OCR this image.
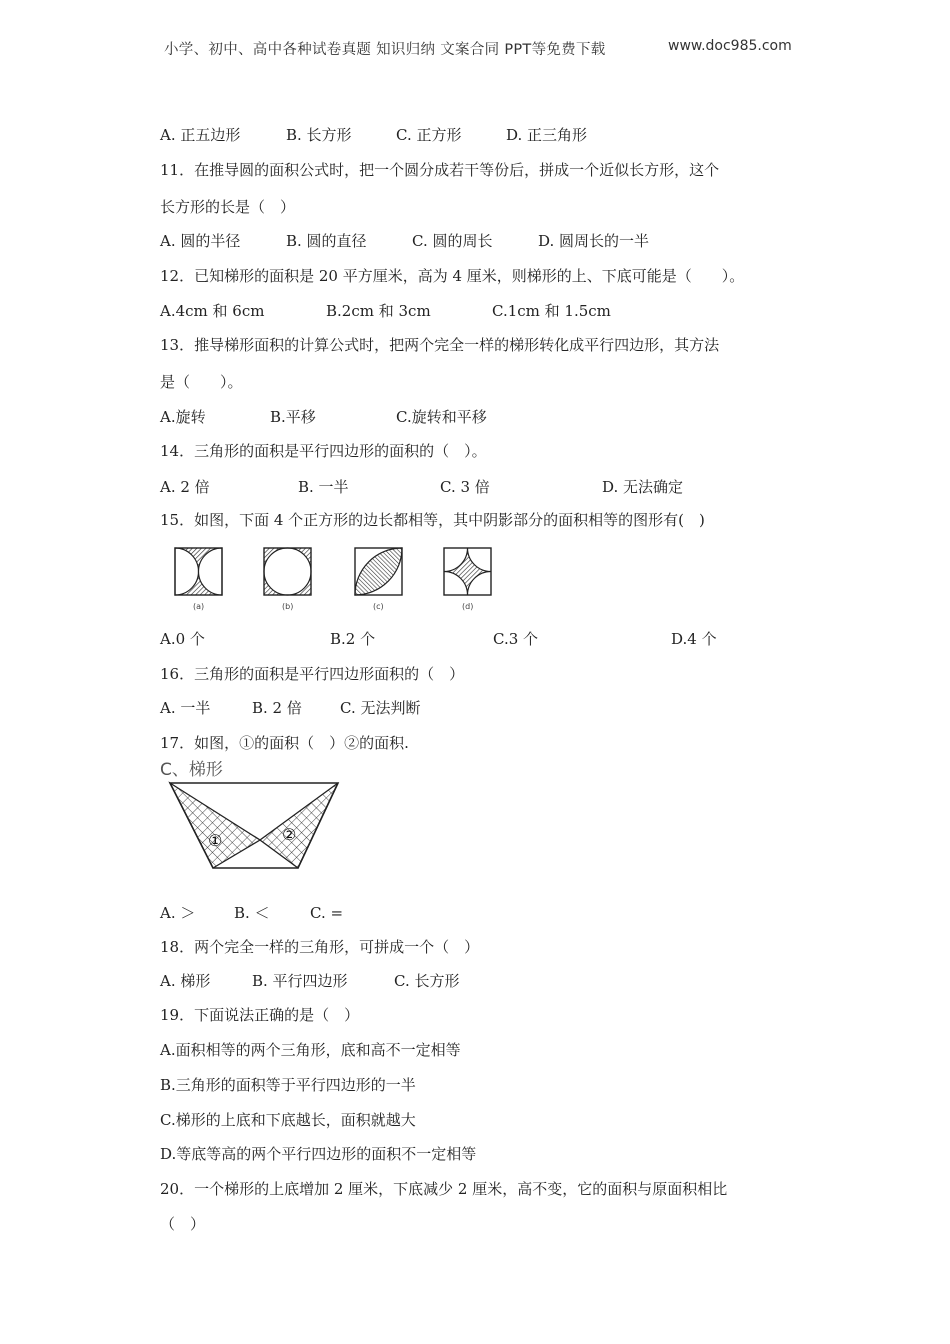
小学、初中、高中各种试卷真题 知识归纳 文案合同 PPT等免费下载	www.doc985.com
A. 正五边形	B. 长方形	C. 正方形	D. 正三角形
11．在推导圆的面积公式时，把一个圆分成若干等份后，拼成一个近似长方形，这个
长方形的长是（　）
A. 圆的半径	B. 圆的直径	C. 圆的周长	D. 圆周长的一半
12．已知梯形的面积是 20 平方厘米，高为 4 厘米，则梯形的上、下底可能是（　　）。
A.4cm 和 6cm	B.2cm 和 3cm	C.1cm 和 1.5cm
13．推导梯形面积的计算公式时，把两个完全一样的梯形转化成平行四边形，其方法
是（　　）。
A.旋转	B.平移	C.旋转和平移
14．三角形的面积是平行四边形的面积的（　）。
A. 2 倍	B. 一半	C. 3 倍	D. 无法确定
15．如图，下面 4 个正方形的边长都相等，其中阴影部分的面积相等的图形有(　)
(a)	(b)	(c)	(d)
A.0 个	B.2 个	C.3 个	D.4 个
16．三角形的面积是平行四边形面积的（　）
A. 一半	B. 2 倍	C. 无法判断
17．如图，①的面积（　）②的面积.
C、梯形
①	②
A. ＞	B. ＜	C. =
18．两个完全一样的三角形，可拼成一个（　）
A. 梯形	B. 平行四边形	C. 长方形
19．下面说法正确的是（　）
A.面积相等的两个三角形，底和高不一定相等
B.三角形的面积等于平行四边形的一半
C.梯形的上底和下底越长，面积就越大
D.等底等高的两个平行四边形的面积不一定相等
20．一个梯形的上底增加 2 厘米，下底减少 2 厘米，高不变，它的面积与原面积相比
（　）
